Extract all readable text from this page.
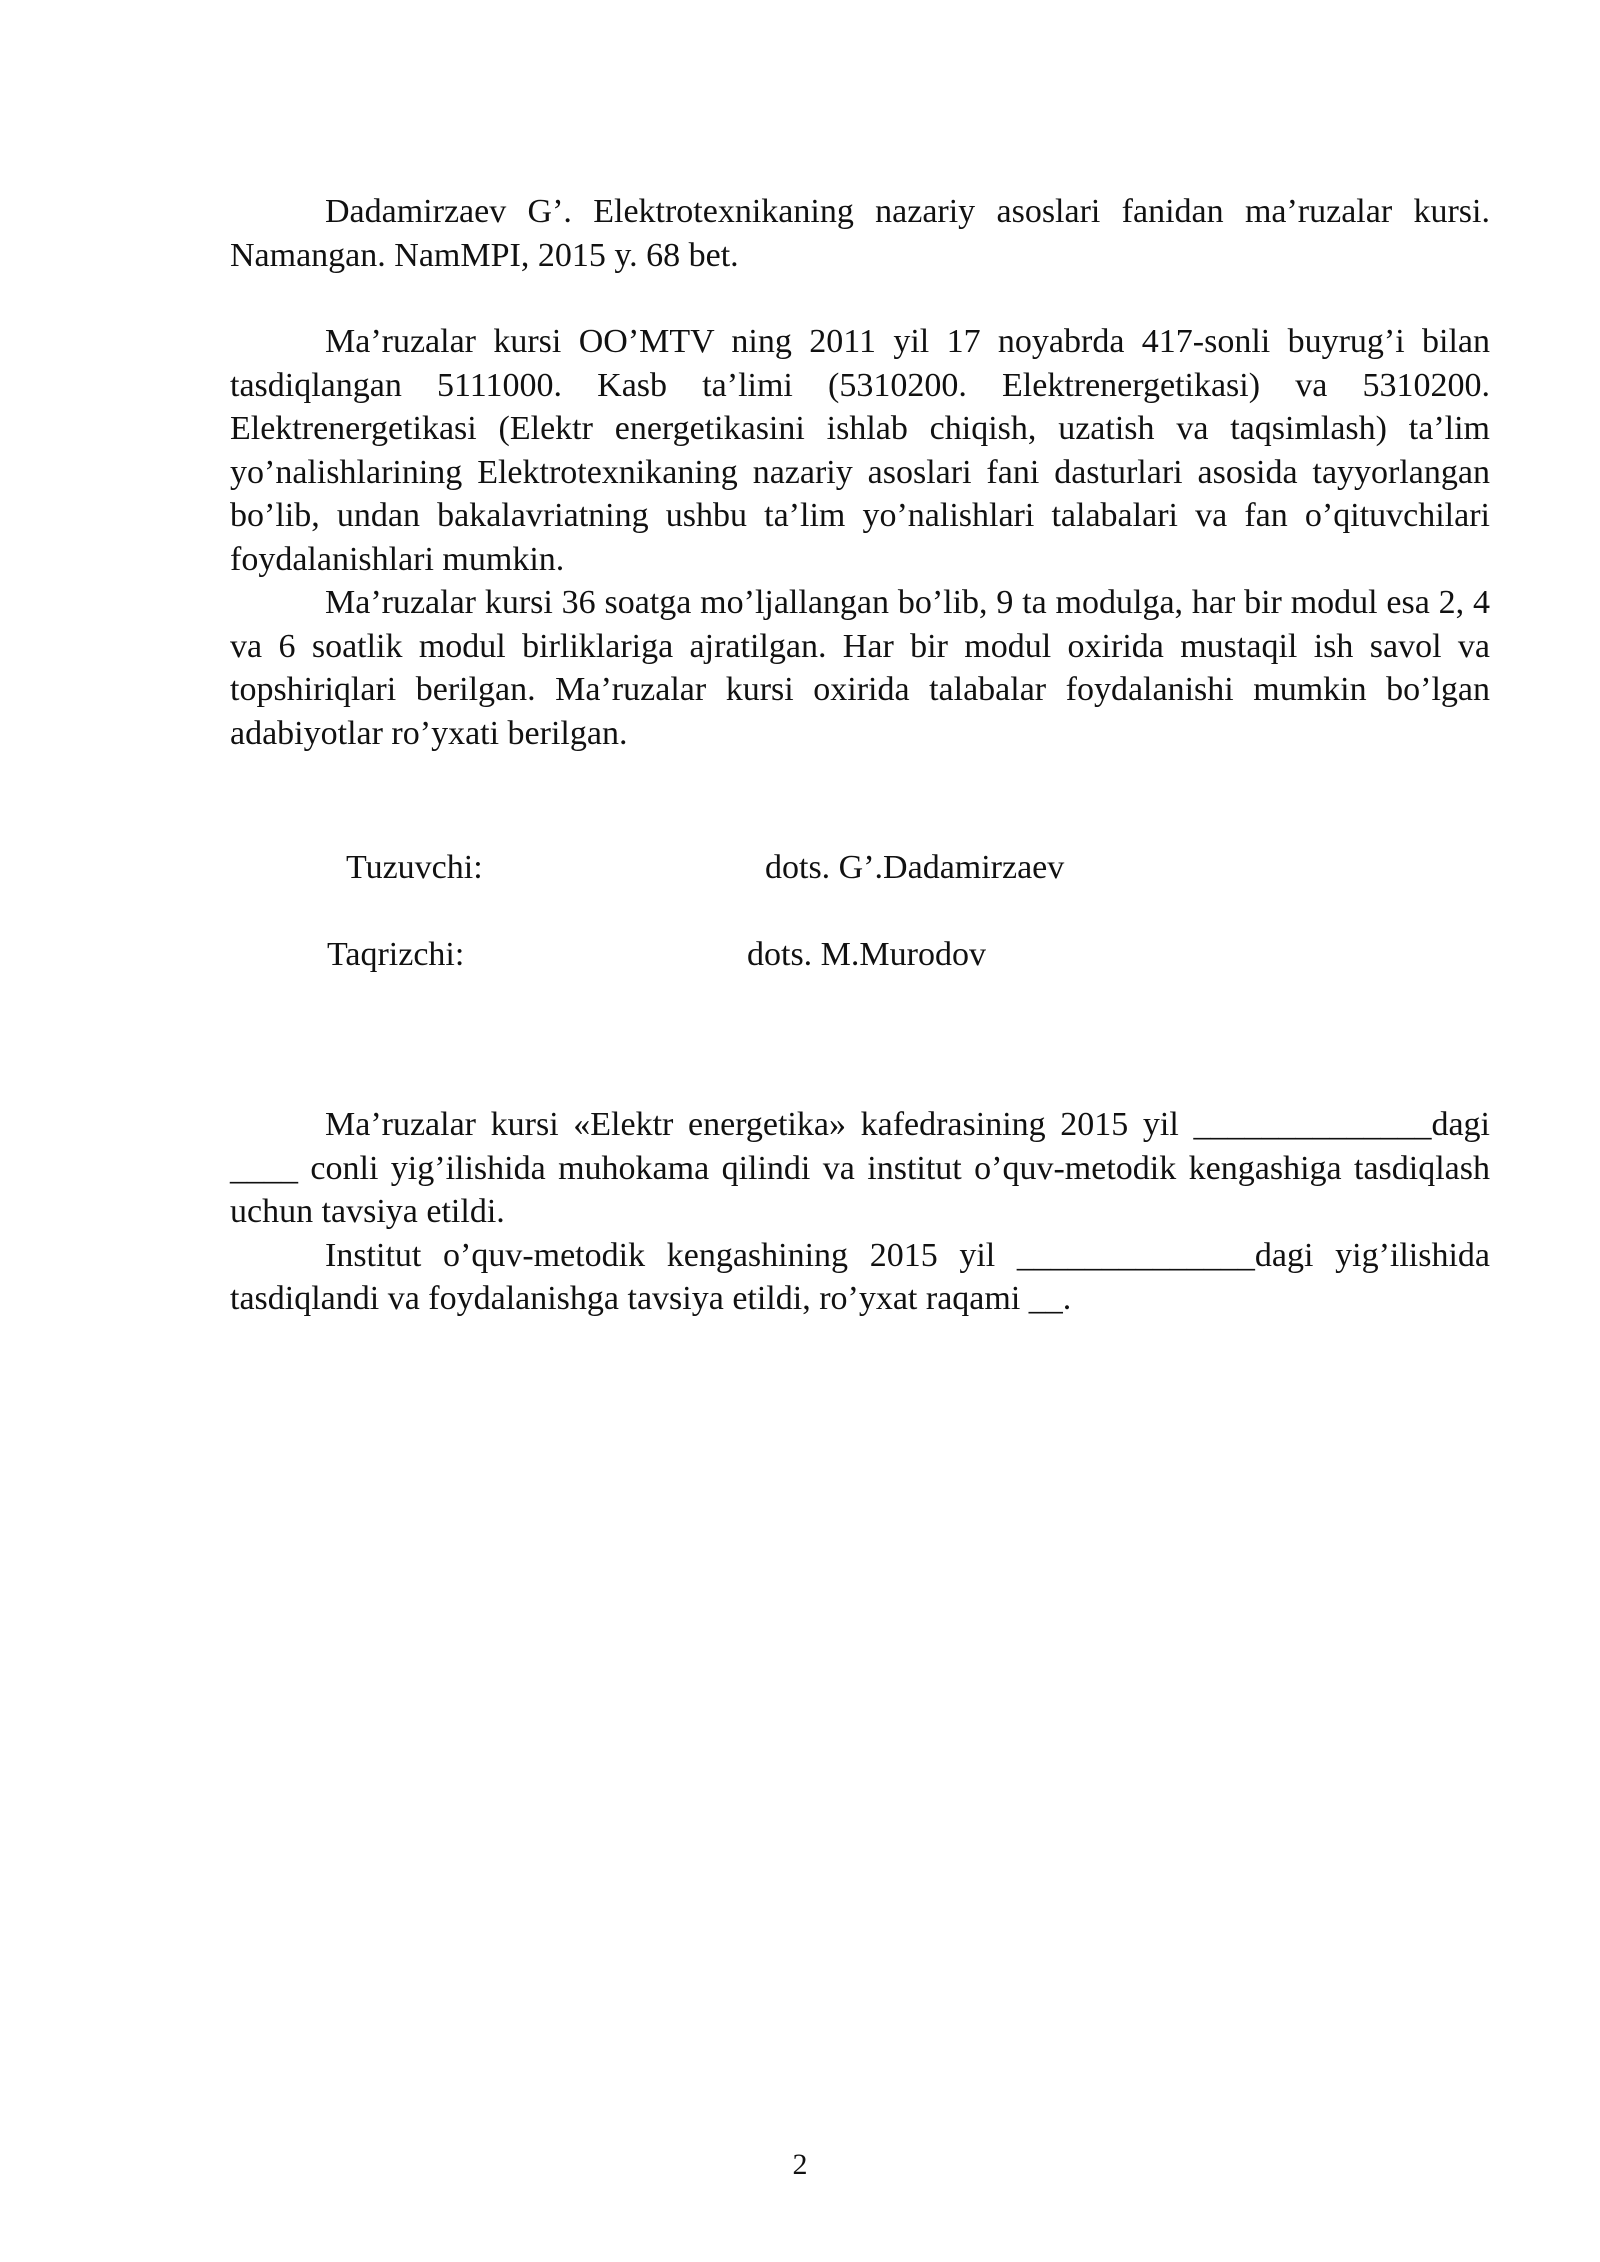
Dadamirzaev G’. Elektrotexnikaning nazariy asoslari fanidan ma’ruzalar kursi. Namangan. NamMPI, 2015 y. 68 bet.

Ma’ruzalar kursi OO’MTV ning 2011 yil 17 noyabrda 417-sonli buyrug’i bilan tasdiqlangan 5111000. Kasb ta’limi (5310200. Elektrenergetikasi) va 5310200. Elektrenergetikasi (Elektr energetikasini ishlab chiqish, uzatish va taqsimlash) ta’lim yo’nalishlarining Elektrotexnikaning nazariy asoslari fani dasturlari asosida tayyorlangan bo’lib, undan bakalavriatning ushbu ta’lim yo’nalishlari talabalari va fan o’qituvchilari foydalanishlari mumkin.

Ma’ruzalar kursi 36 soatga mo’ljallangan bo’lib, 9 ta modulga, har bir modul esa 2, 4 va 6 soatlik modul birliklariga ajratilgan. Har bir modul oxirida mustaqil ish savol va topshiriqlari berilgan. Ma’ruzalar kursi oxirida talabalar foydalanishi mumkin bo’lgan adabiyotlar ro’yxati berilgan.

Tuzuvchi:	dots. G’.Dadamirzaev
Taqrizchi:	dots. M.Murodov

Ma’ruzalar kursi «Elektr energetika» kafedrasining 2015 yil ______________dagi ____ conli yig’ilishida muhokama qilindi va institut o’quv-metodik kengashiga tasdiqlash uchun tavsiya etildi.

Institut o’quv-metodik kengashining 2015 yil ______________dagi yig’ilishida tasdiqlandi va foydalanishga tavsiya etildi, ro’yxat raqami __.

2
